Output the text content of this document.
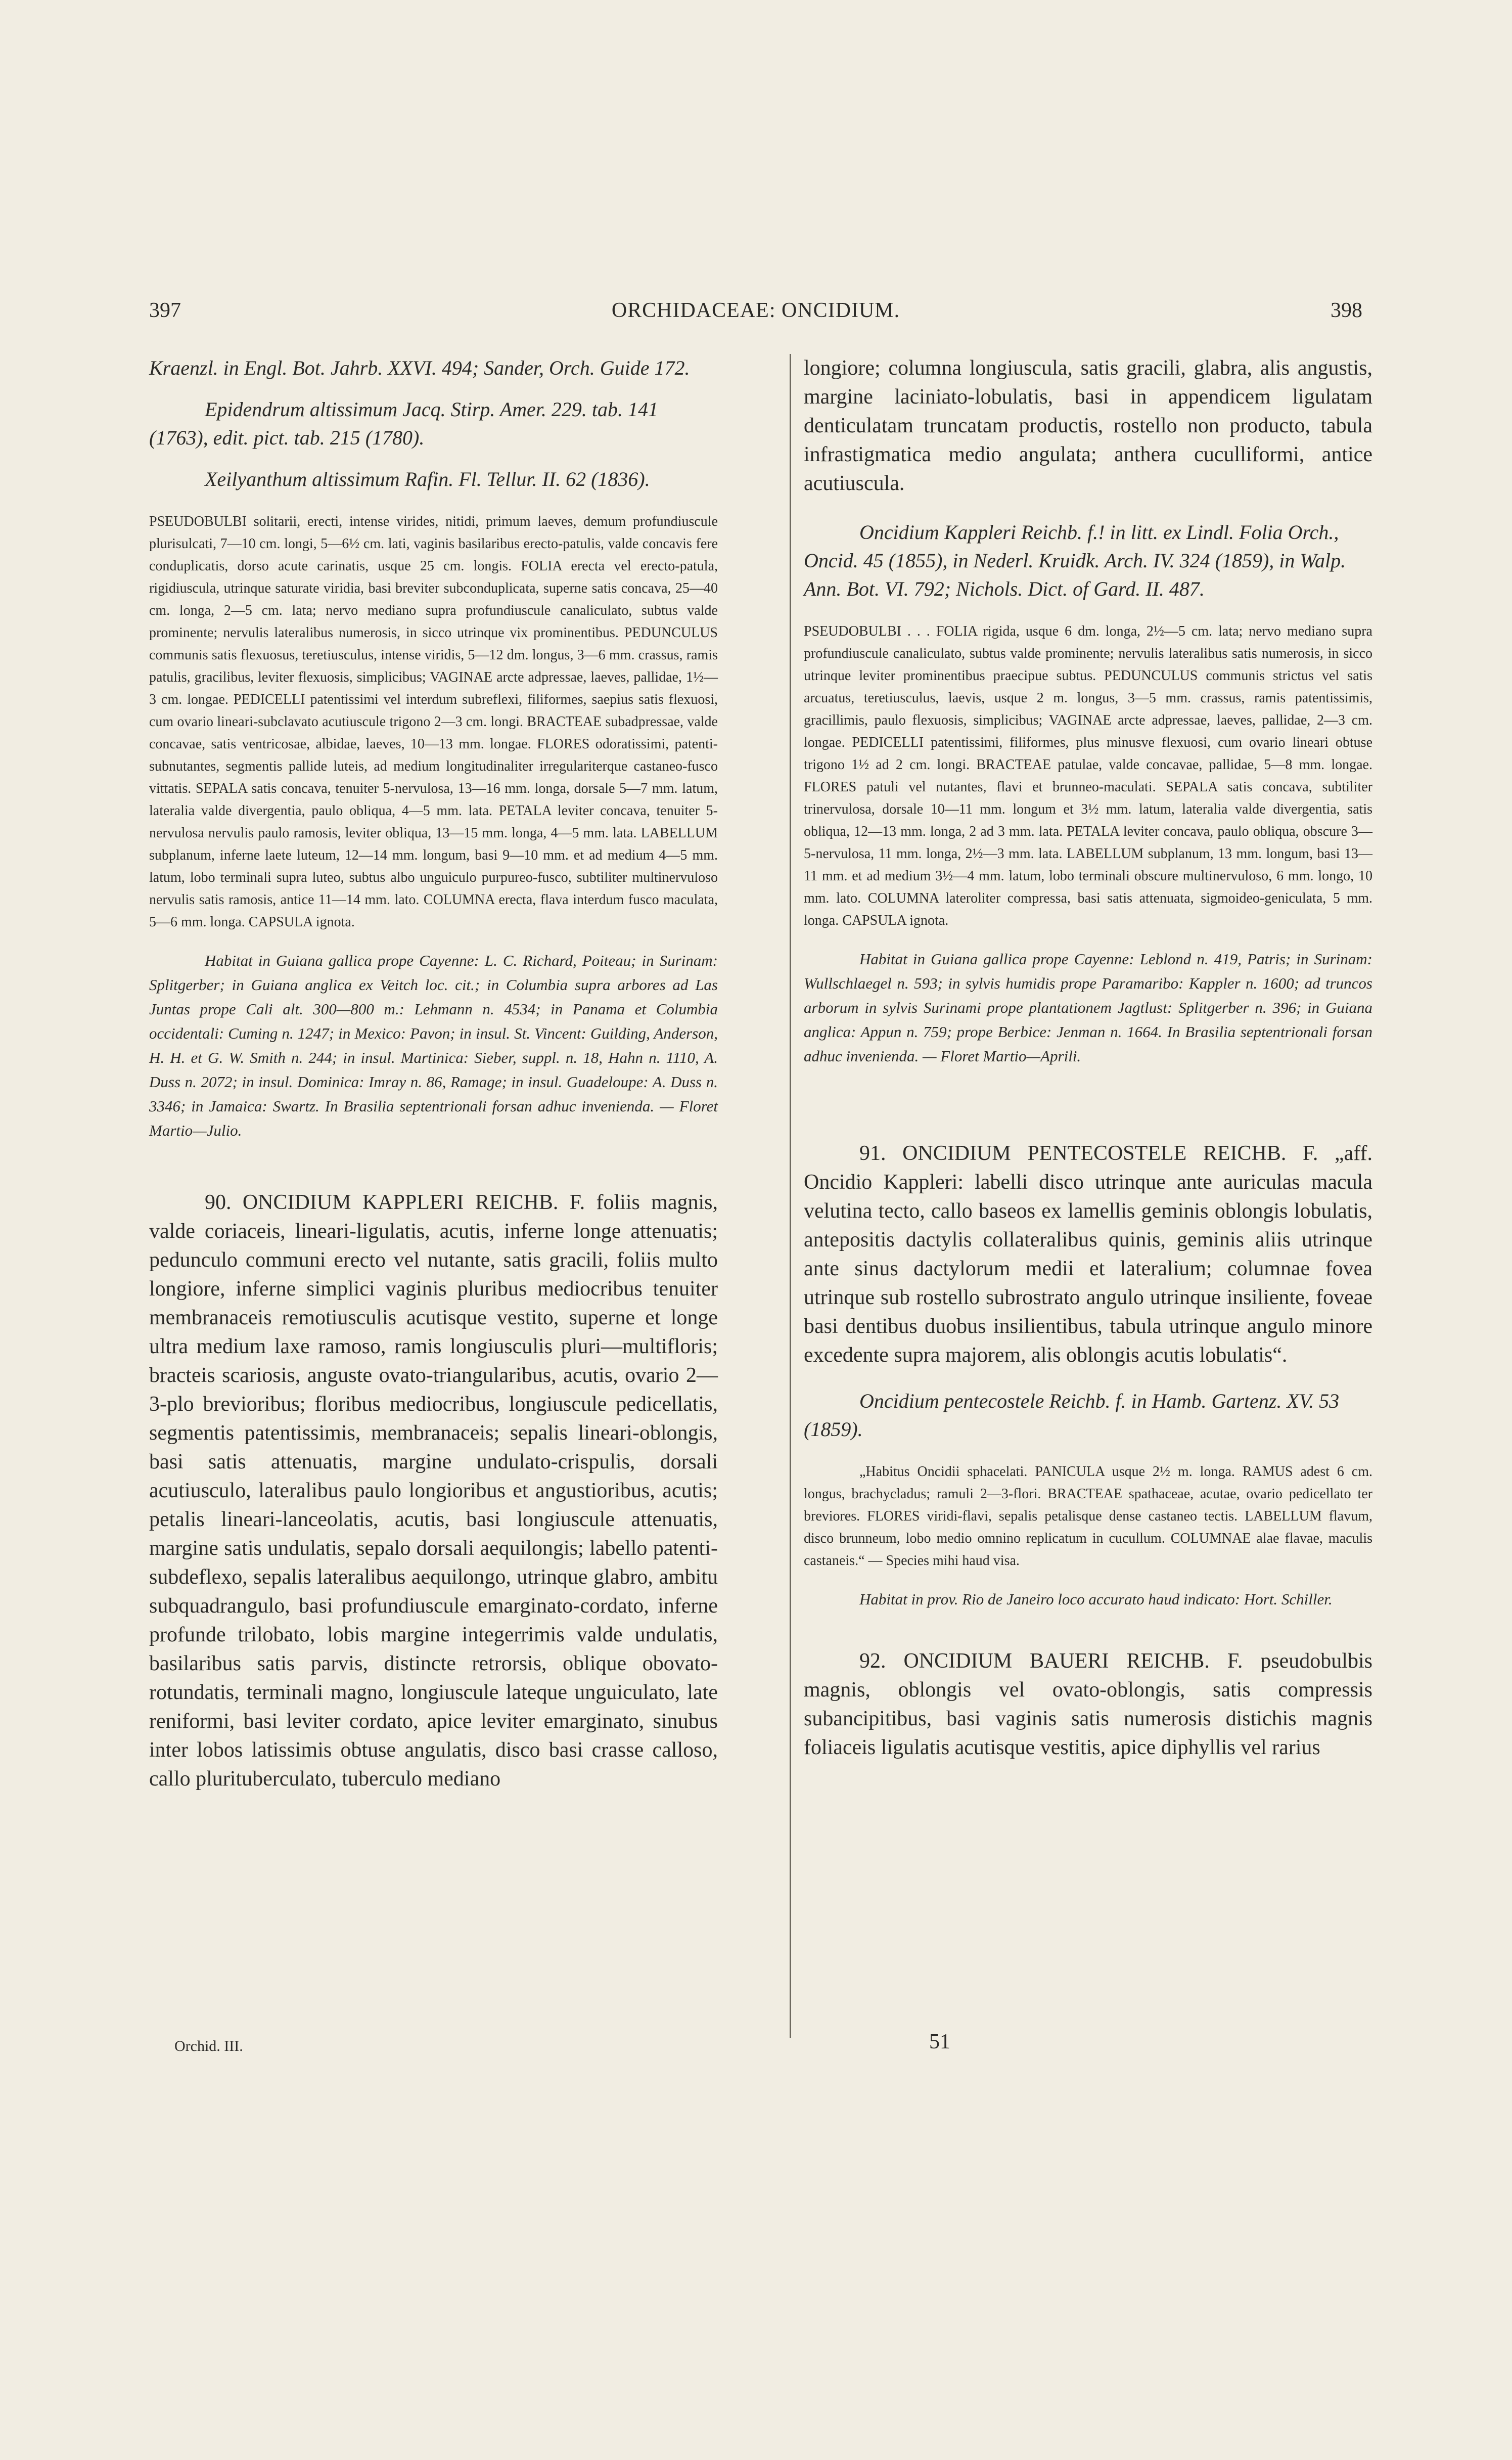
397	ORCHIDACEAE: ONCIDIUM.	398

Kraenzl. in Engl. Bot. Jahrb. XXVI. 494; Sander, Orch. Guide 172.

Epidendrum altissimum Jacq. Stirp. Amer. 229. tab. 141 (1763), edit. pict. tab. 215 (1780).

Xeilyanthum altissimum Rafin. Fl. Tellur. II. 62 (1836).

PSEUDOBULBI solitarii, erecti, intense virides, nitidi, primum laeves, demum profundiuscule plurisulcati, 7—10 cm. longi, 5—6½ cm. lati, vaginis basilaribus erecto-patulis, valde concavis fere conduplicatis, dorso acute carinatis, usque 25 cm. longis. FOLIA erecta vel erecto-patula, rigidiuscula, utrinque saturate viridia, basi breviter subconduplicata, superne satis concava, 25—40 cm. longa, 2—5 cm. lata; nervo mediano supra profundiuscule canaliculato, subtus valde prominente; nervulis lateralibus numerosis, in sicco utrinque vix prominentibus. PEDUNCULUS communis satis flexuosus, teretiusculus, intense viridis, 5—12 dm. longus, 3—6 mm. crassus, ramis patulis, gracilibus, leviter flexuosis, simplicibus; VAGINAE arcte adpressae, laeves, pallidae, 1½—3 cm. longae. PEDICELLI patentissimi vel interdum subreflexi, filiformes, saepius satis flexuosi, cum ovario lineari-subclavato acutiuscule trigono 2—3 cm. longi. BRACTEAE subadpressae, valde concavae, satis ventricosae, albidae, laeves, 10—13 mm. longae. FLORES odoratissimi, patenti-subnutantes, segmentis pallide luteis, ad medium longitudinaliter irregulariterque castaneo-fusco vittatis. SEPALA satis concava, tenuiter 5-nervulosa, 13—16 mm. longa, dorsale 5—7 mm. latum, lateralia valde divergentia, paulo obliqua, 4—5 mm. lata. PETALA leviter concava, tenuiter 5-nervulosa nervulis paulo ramosis, leviter obliqua, 13—15 mm. longa, 4—5 mm. lata. LABELLUM subplanum, inferne laete luteum, 12—14 mm. longum, basi 9—10 mm. et ad medium 4—5 mm. latum, lobo terminali supra luteo, subtus albo unguiculo purpureo-fusco, subtiliter multinervuloso nervulis satis ramosis, antice 11—14 mm. lato. COLUMNA erecta, flava interdum fusco maculata, 5—6 mm. longa. CAPSULA ignota.

Habitat in Guiana gallica prope Cayenne: L. C. Richard, Poiteau; in Surinam: Splitgerber; in Guiana anglica ex Veitch loc. cit.; in Columbia supra arbores ad Las Juntas prope Cali alt. 300—800 m.: Lehmann n. 4534; in Panama et Columbia occidentali: Cuming n. 1247; in Mexico: Pavon; in insul. St. Vincent: Guilding, Anderson, H. H. et G. W. Smith n. 244; in insul. Martinica: Sieber, suppl. n. 18, Hahn n. 1110, A. Duss n. 2072; in insul. Dominica: Imray n. 86, Ramage; in insul. Guadeloupe: A. Duss n. 3346; in Jamaica: Swartz. In Brasilia septentrionali forsan adhuc invenienda. — Floret Martio—Julio.

90. ONCIDIUM KAPPLERI REICHB. F. foliis magnis, valde coriaceis, lineari-ligulatis, acutis, inferne longe attenuatis; pedunculo communi erecto vel nutante, satis gracili, foliis multo longiore, inferne simplici vaginis pluribus mediocribus tenuiter membranaceis remotiusculis acutisque vestito, superne et longe ultra medium laxe ramoso, ramis longiusculis pluri—multifloris; bracteis scariosis, anguste ovato-triangularibus, acutis, ovario 2—3-plo brevioribus; floribus mediocribus, longiuscule pedicellatis, segmentis patentissimis, membranaceis; sepalis lineari-oblongis, basi satis attenuatis, margine undulato-crispulis, dorsali acutiusculo, lateralibus paulo longioribus et angustioribus, acutis; petalis lineari-lanceolatis, acutis, basi longiuscule attenuatis, margine satis undulatis, sepalo dorsali aequilongis; labello patenti-subdeflexo, sepalis lateralibus aequilongo, utrinque glabro, ambitu subquadrangulo, basi profundiuscule emarginato-cordato, inferne profunde trilobato, lobis margine integerrimis valde undulatis, basilaribus satis parvis, distincte retrorsis, oblique obovato-rotundatis, terminali magno, longiuscule lateque unguiculato, late reniformi, basi leviter cordato, apice leviter emarginato, sinubus inter lobos latissimis obtuse angulatis, disco basi crasse calloso, callo plurituberculato, tuberculo mediano

longiore; columna longiuscula, satis gracili, glabra, alis angustis, margine laciniato-lobulatis, basi in appendicem ligulatam denticulatam truncatam productis, rostello non producto, tabula infrastigmatica medio angulata; anthera cuculliformi, antice acutiuscula.

Oncidium Kappleri Reichb. f.! in litt. ex Lindl. Folia Orch., Oncid. 45 (1855), in Nederl. Kruidk. Arch. IV. 324 (1859), in Walp. Ann. Bot. VI. 792; Nichols. Dict. of Gard. II. 487.

PSEUDOBULBI . . . FOLIA rigida, usque 6 dm. longa, 2½—5 cm. lata; nervo mediano supra profundiuscule canaliculato, subtus valde prominente; nervulis lateralibus satis numerosis, in sicco utrinque leviter prominentibus praecipue subtus. PEDUNCULUS communis strictus vel satis arcuatus, teretiusculus, laevis, usque 2 m. longus, 3—5 mm. crassus, ramis patentissimis, gracillimis, paulo flexuosis, simplicibus; VAGINAE arcte adpressae, laeves, pallidae, 2—3 cm. longae. PEDICELLI patentissimi, filiformes, plus minusve flexuosi, cum ovario lineari obtuse trigono 1½ ad 2 cm. longi. BRACTEAE patulae, valde concavae, pallidae, 5—8 mm. longae. FLORES patuli vel nutantes, flavi et brunneo-maculati. SEPALA satis concava, subtiliter trinervulosa, dorsale 10—11 mm. longum et 3½ mm. latum, lateralia valde divergentia, satis obliqua, 12—13 mm. longa, 2 ad 3 mm. lata. PETALA leviter concava, paulo obliqua, obscure 3—5-nervulosa, 11 mm. longa, 2½—3 mm. lata. LABELLUM subplanum, 13 mm. longum, basi 13—11 mm. et ad medium 3½—4 mm. latum, lobo terminali obscure multinervuloso, 6 mm. longo, 10 mm. lato. COLUMNA lateroliter compressa, basi satis attenuata, sigmoideo-geniculata, 5 mm. longa. CAPSULA ignota.

Habitat in Guiana gallica prope Cayenne: Leblond n. 419, Patris; in Surinam: Wullschlaegel n. 593; in sylvis humidis prope Paramaribo: Kappler n. 1600; ad truncos arborum in sylvis Surinami prope plantationem Jagtlust: Splitgerber n. 396; in Guiana anglica: Appun n. 759; prope Berbice: Jenman n. 1664. In Brasilia septentrionali forsan adhuc invenienda. — Floret Martio—Aprili.

91. ONCIDIUM PENTECOSTELE REICHB. F. „aff. Oncidio Kappleri: labelli disco utrinque ante auriculas macula velutina tecto, callo baseos ex lamellis geminis oblongis lobulatis, antepositis dactylis collateralibus quinis, geminis aliis utrinque ante sinus dactylorum medii et lateralium; columnae fovea utrinque sub rostello subrostrato angulo utrinque insiliente, foveae basi dentibus duobus insilientibus, tabula utrinque angulo minore excedente supra majorem, alis oblongis acutis lobulatis“.

Oncidium pentecostele Reichb. f. in Hamb. Gartenz. XV. 53 (1859).

„Habitus Oncidii sphacelati. PANICULA usque 2½ m. longa. RAMUS adest 6 cm. longus, brachycladus; ramuli 2—3-flori. BRACTEAE spathaceae, acutae, ovario pedicellato ter breviores. FLORES viridi-flavi, sepalis petalisque dense castaneo tectis. LABELLUM flavum, disco brunneum, lobo medio omnino replicatum in cucullum. COLUMNAE alae flavae, maculis castaneis.“ — Species mihi haud visa.

Habitat in prov. Rio de Janeiro loco accurato haud indicato: Hort. Schiller.

92. ONCIDIUM BAUERI REICHB. F. pseudobulbis magnis, oblongis vel ovato-oblongis, satis compressis subancipitibus, basi vaginis satis numerosis distichis magnis foliaceis ligulatis acutisque vestitis, apice diphyllis vel rarius

Orchid. III.	51
